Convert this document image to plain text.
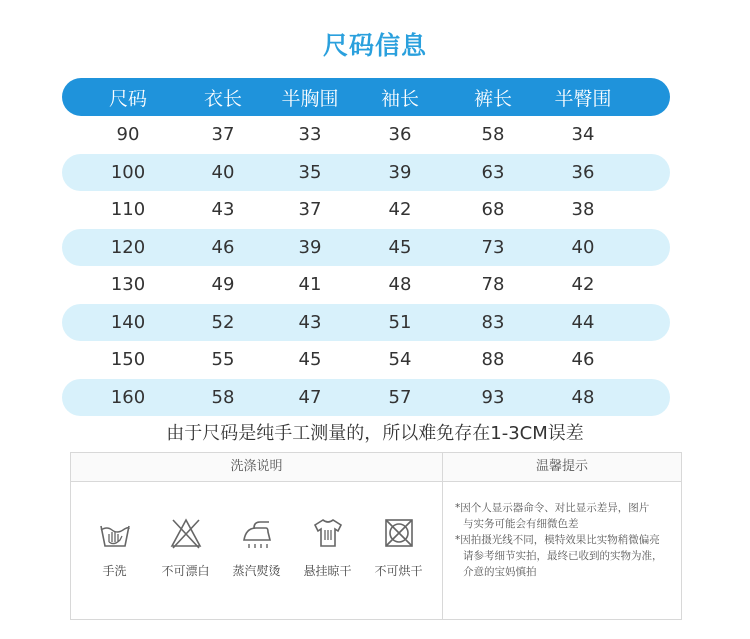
尺码信息
尺码	衣长	半胸围	袖长	裤长	半臀围
90	37	33	36	58	34
100	40	35	39	63	36
110	43	37	42	68	38
120	46	39	45	73	40
130	49	41	48	78	42
140	52	43	51	83	44
150	55	45	54	88	46
160	58	47	57	93	48
由于尺码是纯手工测量的，所以难免存在1-3CM误差
洗涤说明
手洗	不可漂白 蒸汽熨烫 悬挂晾干 不可烘干
温馨提示

*因个人显示器命令、对比显示差异，图片

与实务可能会有细微色差

*因拍摄光线不同，模特效果比实物稍微偏亮

请参考细节实拍，最终已收到的实物为准，

介意的宝妈慎拍
